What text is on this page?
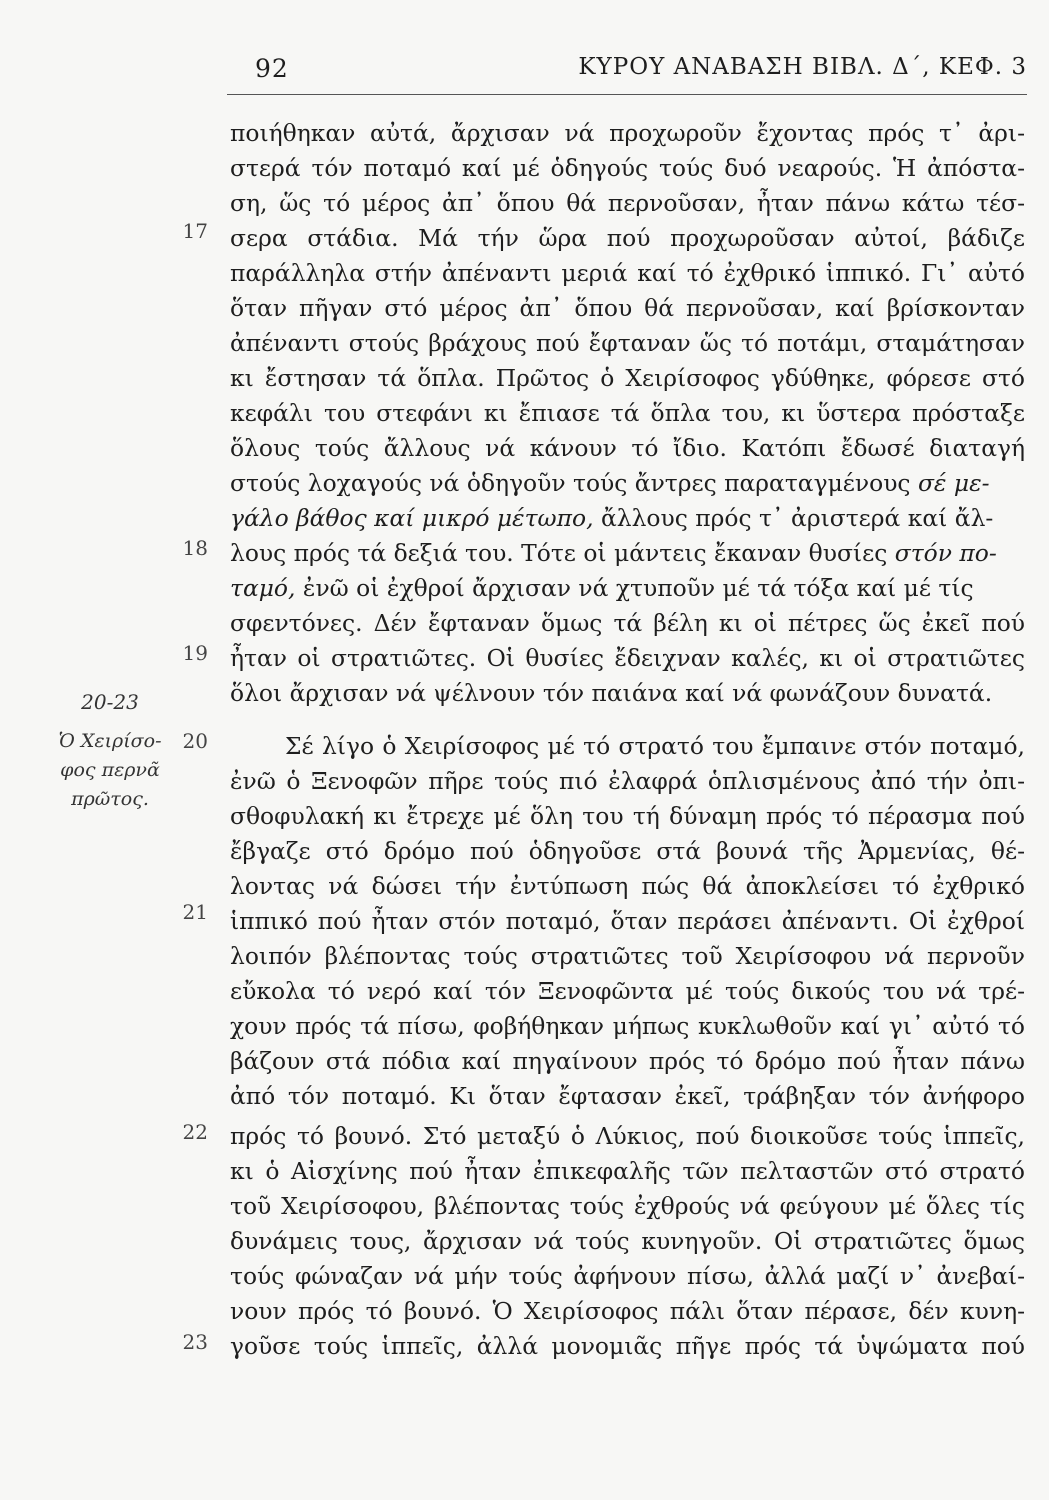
92	ΚΥΡΟΥ ΑΝΑΒΑΣΗ ΒΙΒΛ. Δ΄, ΚΕΦ. 3
20-23
Ὁ Χειρίσο-
φος περνᾶ
πρῶτος.
17
18
19
20
21
22
23
ποιήθηκαν αὐτά, ἄρχισαν νά προχωροῦν ἔχοντας πρός τ᾿ ἀρι-
στερά τόν ποταμό καί μέ ὁδηγούς τούς δυό νεαρούς. Ἡ ἀπόστα-
ση, ὥς τό μέρος ἀπ᾿ ὅπου θά περνοῦσαν, ἦταν πάνω κάτω τέσ-
σερα στάδια. Μά τήν ὥρα πού προχωροῦσαν αὐτοί, βάδιζε
παράλληλα στήν ἀπέναντι μεριά καί τό ἐχθρικό ἱππικό. Γι᾿ αὐτό
ὅταν πῆγαν στό μέρος ἀπ᾿ ὅπου θά περνοῦσαν, καί βρίσκονταν
ἀπέναντι στούς βράχους πού ἔφταναν ὥς τό ποτάμι, σταμάτησαν
κι ἔστησαν τά ὅπλα. Πρῶτος ὁ Χειρίσοφος γδύθηκε, φόρεσε στό
κεφάλι του στεφάνι κι ἔπιασε τά ὅπλα του, κι ὕστερα πρόσταξε
ὅλους τούς ἄλλους νά κάνουν τό ἴδιο. Κατόπι ἔδωσέ διαταγή
στούς λοχαγούς νά ὁδηγοῦν τούς ἄντρες παραταγμένους σέ με-
γάλο βάθος καί μικρό μέτωπο, ἄλλους πρός τ᾿ ἀριστερά καί ἄλ-
λους πρός τά δεξιά του. Τότε οἱ μάντεις ἔκαναν θυσίες στόν πο-
ταμό, ἐνῶ οἱ ἐχθροί ἄρχισαν νά χτυποῦν μέ τά τόξα καί μέ τίς
σφεντόνες. Δέν ἔφταναν ὅμως τά βέλη κι οἱ πέτρες ὥς ἐκεῖ πού
ἦταν οἱ στρατιῶτες. Οἱ θυσίες ἔδειχναν καλές, κι οἱ στρατιῶτες
ὅλοι ἄρχισαν νά ψέλνουν τόν παιάνα καί νά φωνάζουν δυνατά.
Σέ λίγο ὁ Χειρίσοφος μέ τό στρατό του ἔμπαινε στόν ποταμό,
ἐνῶ ὁ Ξενοφῶν πῆρε τούς πιό ἐλαφρά ὁπλισμένους ἀπό τήν ὀπι-
σθοφυλακή κι ἔτρεχε μέ ὅλη του τή δύναμη πρός τό πέρασμα πού
ἔβγαζε στό δρόμο πού ὁδηγοῦσε στά βουνά τῆς Ἀρμενίας, θέ-
λοντας νά δώσει τήν ἐντύπωση πώς θά ἀποκλείσει τό ἐχθρικό
ἱππικό πού ἦταν στόν ποταμό, ὅταν περάσει ἀπέναντι. Οἱ ἐχθροί
λοιπόν βλέποντας τούς στρατιῶτες τοῦ Χειρίσοφου νά περνοῦν
εὔκολα τό νερό καί τόν Ξενοφῶντα μέ τούς δικούς του νά τρέ-
χουν πρός τά πίσω, φοβήθηκαν μήπως κυκλωθοῦν καί γι᾿ αὐτό τό
βάζουν στά πόδια καί πηγαίνουν πρός τό δρόμο πού ἦταν πάνω
ἀπό τόν ποταμό. Κι ὅταν ἔφτασαν ἐκεῖ, τράβηξαν τόν ἀνήφορο
πρός τό βουνό. Στό μεταξύ ὁ Λύκιος, πού διοικοῦσε τούς ἱππεῖς,
κι ὁ Αἰσχίνης πού ἦταν ἐπικεφαλῆς τῶν πελταστῶν στό στρατό
τοῦ Χειρίσοφου, βλέποντας τούς ἐχθρούς νά φεύγουν μέ ὅλες τίς
δυνάμεις τους, ἄρχισαν νά τούς κυνηγοῦν. Οἱ στρατιῶτες ὅμως
τούς φώναζαν νά μήν τούς ἀφήνουν πίσω, ἀλλά μαζί ν᾿ ἀνεβαί-
νουν πρός τό βουνό. Ὁ Χειρίσοφος πάλι ὅταν πέρασε, δέν κυνη-
γοῦσε τούς ἱππεῖς, ἀλλά μονομιᾶς πῆγε πρός τά ὑψώματα πού
